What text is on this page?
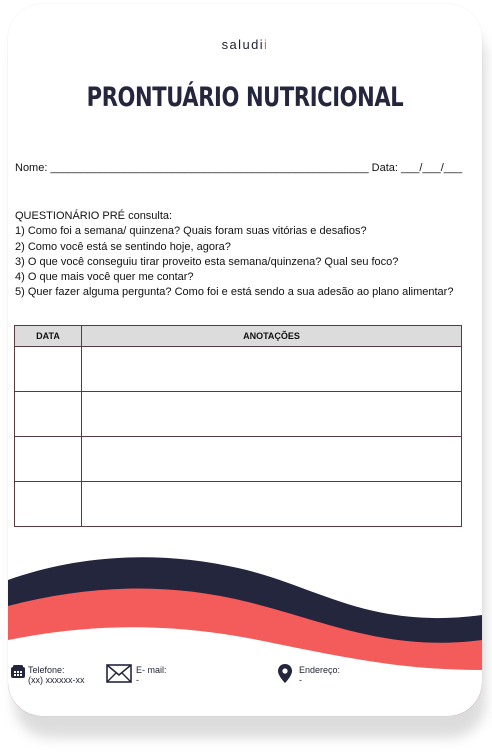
saludii
PRONTUÁRIO NUTRICIONAL
Nome: ____________________________________________________ Data: ___/___/___
QUESTIONÁRIO PRÉ consulta:
1) Como foi a semana/ quinzena? Quais foram suas vitórias e desafios?
2) Como você está se sentindo hoje, agora?
3) O que você conseguiu tirar proveito esta semana/quinzena? Qual seu foco?
4) O que mais você quer me contar?
5) Quer fazer alguma pergunta? Como foi e está sendo a sua adesão ao plano alimentar?
DATA	ANOTAÇÕES

Telefone:
(xx) xxxxxx-xx
E- mail:
-
Endereço:
-
